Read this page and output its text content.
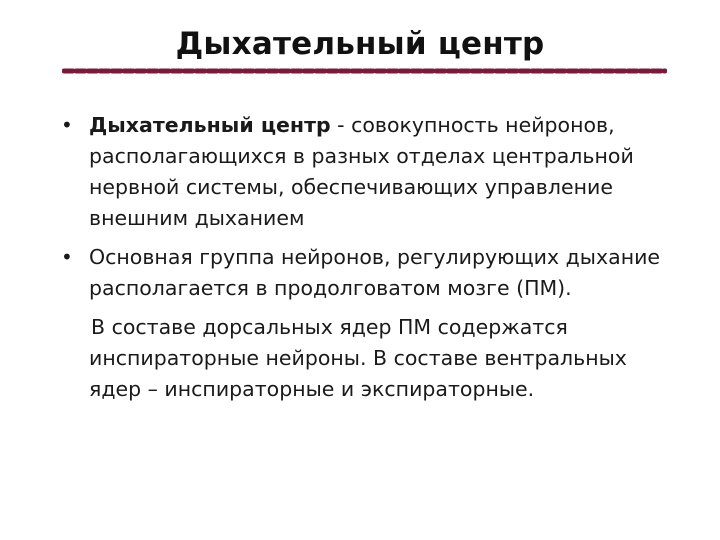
Дыхательный центр
• Дыхательный центр - совокупность нейронов, располагающихся в разных отделах центральной нервной системы, обеспечивающих управление внешним дыханием
• Основная группа нейронов, регулирующих дыхание располагается в продолговатом мозге (ПМ).
В составе дорсальных ядер ПМ содержатся инспираторные нейроны. В составе вентральных ядер – инспираторные и экспираторные.
